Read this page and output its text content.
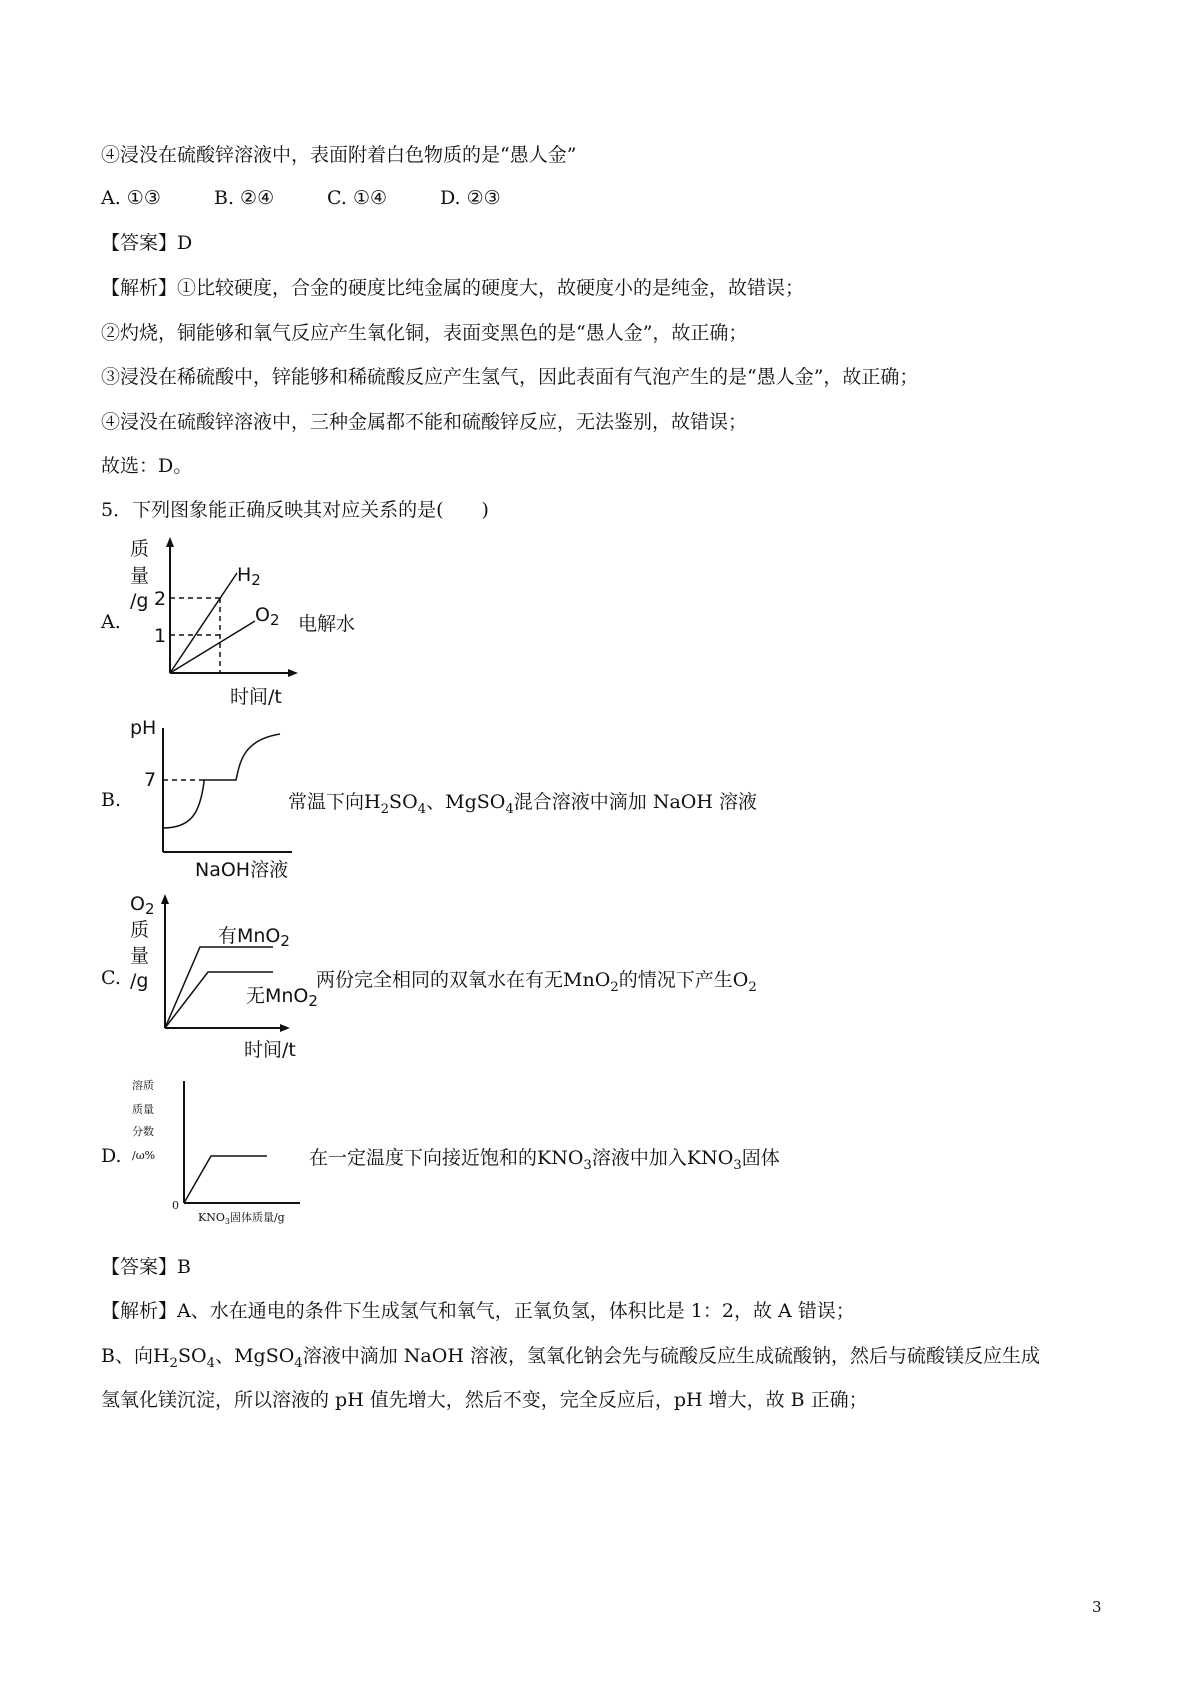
④浸没在硫酸锌溶液中，表面附着白色物质的是“愚人金”
A. ①③	B. ②④	C. ①④	D. ②③
【答案】D
【解析】①比较硬度，合金的硬度比纯金属的硬度大，故硬度小的是纯金，故错误；
②灼烧，铜能够和氧气反应产生氧化铜，表面变黑色的是“愚人金”，故正确；
③浸没在稀硫酸中，锌能够和稀硫酸反应产生氢气，因此表面有气泡产生的是“愚人金”，故正确；
④浸没在硫酸锌溶液中，三种金属都不能和硫酸锌反应，无法鉴别，故错误；
故选：D。
5．下列图象能正确反映其对应关系的是(　　)
A.
质
量
/g 2
1
$H_2$
$O_2$
时间/t
电解水
B.
pH
7
NaOH溶液
常温下向$H_2SO_4$、MgSO$_4$混合溶液中滴加 NaOH 溶液
C.
$O_2$
质
量
/g
有MnO$_2$
无MnO$_2$
时间/t
两份完全相同的双氧水在有无MnO$_2$的情况下产生$O_2$
D.
溶质
质量
分数
/ω%
0
$KNO_3$固体质量/g
在一定温度下向接近饱和的$KNO_3$溶液中加入$KNO_3$固体
【答案】B
【解析】A、水在通电的条件下生成氢气和氧气，正氧负氢，体积比是 1：2，故 A 错误；
B、向$H_2SO_4$、MgSO$_4$溶液中滴加 NaOH 溶液，氢氧化钠会先与硫酸反应生成硫酸钠，然后与硫酸镁反应生成
氢氧化镁沉淀，所以溶液的 pH 值先增大，然后不变，完全反应后，pH 增大，故 B 正确；
3
